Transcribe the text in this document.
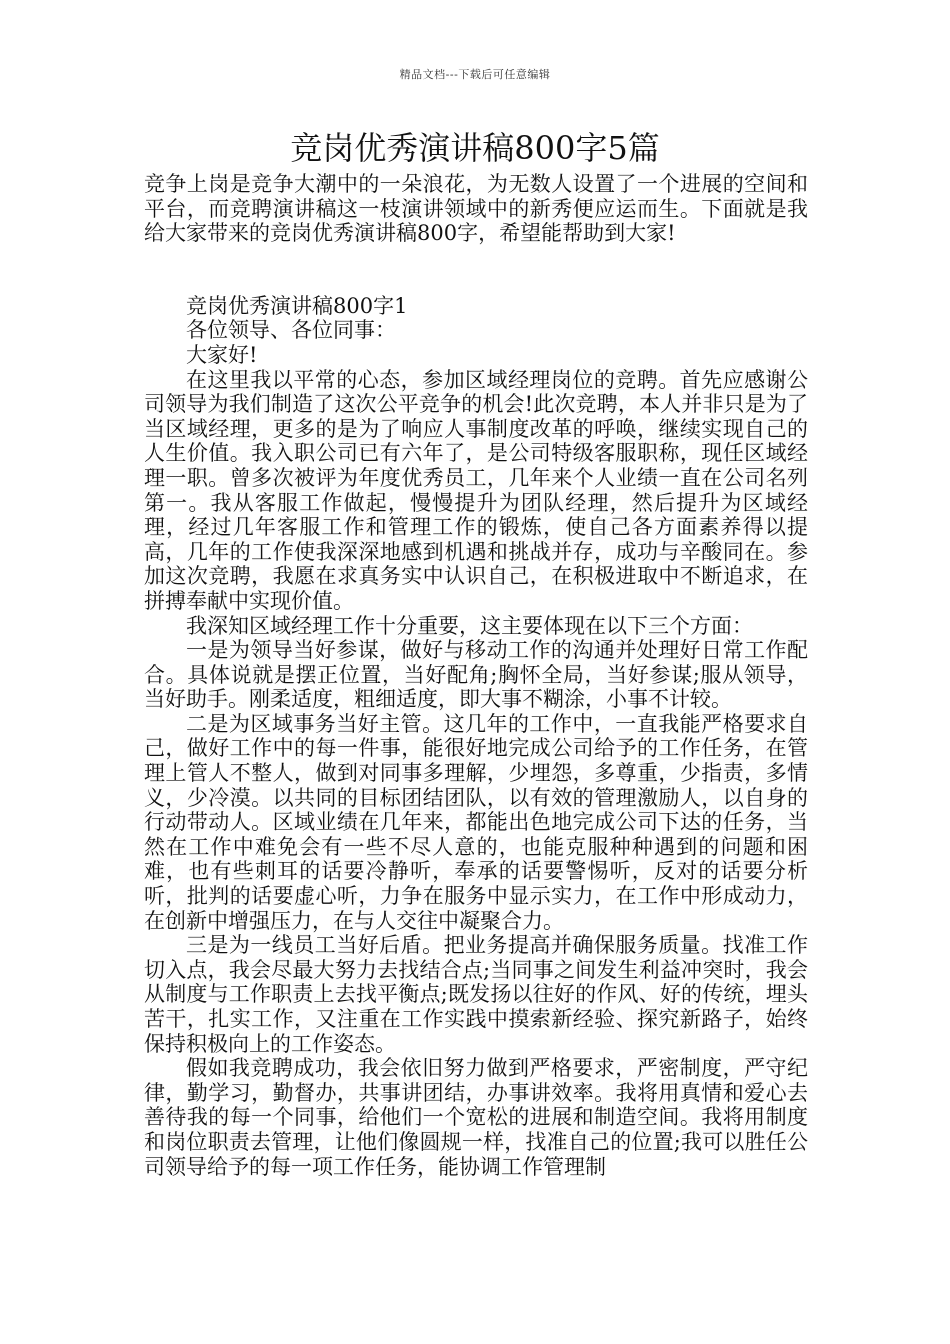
精品文档---下载后可任意编辑
竞岗优秀演讲稿800字5篇

竞争上岗是竞争大潮中的一朵浪花，为无数人设置了一个进展的空间和平台，而竞聘演讲稿这一枝演讲领域中的新秀便应运而生。下面就是我给大家带来的竞岗优秀演讲稿800字，希望能帮助到大家!

竞岗优秀演讲稿800字1

各位领导、各位同事：

大家好!

在这里我以平常的心态，参加区域经理岗位的竞聘。首先应感谢公司领导为我们制造了这次公平竞争的机会!此次竞聘，本人并非只是为了当区域经理，更多的是为了响应人事制度改革的呼唤，继续实现自己的人生价值。我入职公司已有六年了，是公司特级客服职称，现任区域经理一职。曾多次被评为年度优秀员工，几年来个人业绩一直在公司名列第一。我从客服工作做起，慢慢提升为团队经理，然后提升为区域经理，经过几年客服工作和管理工作的锻炼，使自己各方面素养得以提高，几年的工作使我深深地感到机遇和挑战并存，成功与辛酸同在。参加这次竞聘，我愿在求真务实中认识自己，在积极进取中不断追求，在拼搏奉献中实现价值。

我深知区域经理工作十分重要，这主要体现在以下三个方面：

一是为领导当好参谋，做好与移动工作的沟通并处理好日常工作配合。具体说就是摆正位置，当好配角;胸怀全局，当好参谋;服从领导，当好助手。刚柔适度，粗细适度，即大事不糊涂，小事不计较。

二是为区域事务当好主管。这几年的工作中，一直我能严格要求自己，做好工作中的每一件事，能很好地完成公司给予的工作任务，在管理上管人不整人，做到对同事多理解，少埋怨，多尊重，少指责，多情义，少冷漠。以共同的目标团结团队，以有效的管理激励人，以自身的行动带动人。区域业绩在几年来，都能出色地完成公司下达的任务，当然在工作中难免会有一些不尽人意的，也能克服种种遇到的问题和困难，也有些刺耳的话要冷静听，奉承的话要警惕听，反对的话要分析听，批判的话要虚心听，力争在服务中显示实力，在工作中形成动力，在创新中增强压力，在与人交往中凝聚合力。

三是为一线员工当好后盾。把业务提高并确保服务质量。找准工作切入点，我会尽最大努力去找结合点;当同事之间发生利益冲突时，我会从制度与工作职责上去找平衡点;既发扬以往好的作风、好的传统，埋头苦干，扎实工作，又注重在工作实践中摸索新经验、探究新路子，始终保持积极向上的工作姿态。

假如我竞聘成功，我会依旧努力做到严格要求，严密制度，严守纪律，勤学习，勤督办，共事讲团结，办事讲效率。我将用真情和爱心去善待我的每一个同事，给他们一个宽松的进展和制造空间。我将用制度和岗位职责去管理，让他们像圆规一样，找准自己的位置;我可以胜任公司领导给予的每一项工作任务，能协调工作管理制
